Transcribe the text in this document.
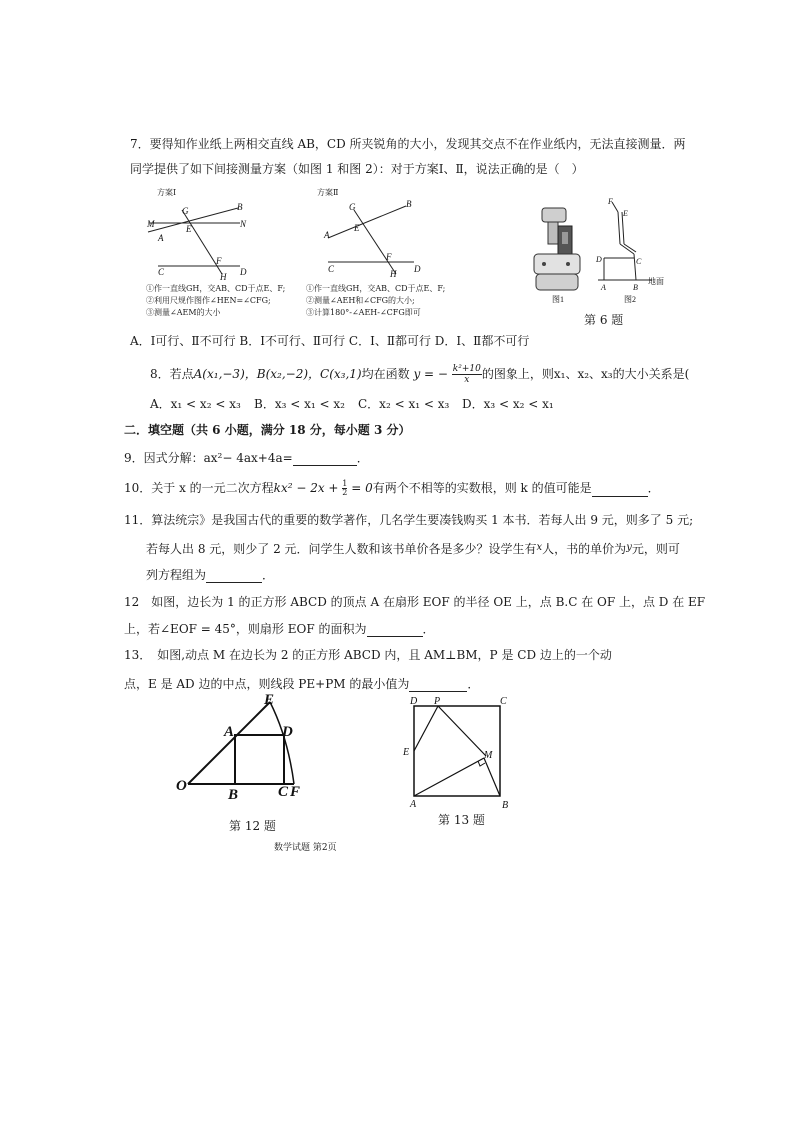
7．要得知作业纸上两相交直线 AB，CD 所夹锐角的大小，发现其交点不在作业纸内，无法直接测量．两
同学提供了如下间接测量方案（如图 1 和图 2）：对于方案Ⅰ、Ⅱ，说法正确的是（　）
方案Ⅰ
G	B
M	N
E
A
C
F
H D
①作一直线GH，交AB、CD于点E、F;
②利用尺规作图作∠HEN=∠CFG;
③测量∠AEM的大小
方案Ⅱ
G	B
E
A
C
F
H D
①作一直线GH，交AB、CD于点E、F;
②测量∠AEH和∠CFG的大小;
③计算180°-∠AEH-∠CFG即可
图1
F
E
D	C
A	B
地面
图2
第 6 题
A．Ⅰ可行、Ⅱ不可行 B．Ⅰ不可行、Ⅱ可行 C．Ⅰ、Ⅱ都可行 D．Ⅰ、Ⅱ都不可行
8．若点A(x₁,−3)，B(x₂,−2)，C(x₃,1)均在函数 y = − $\frac{\text{k²+10}}{x}$ 的图象上，则x₁、x₂、x₃的大小关系是(
A．x₁ < x₂ < x₃ B．x₃ < x₁ < x₂ C．x₂ < x₁ < x₃ D．x₃ < x₂ < x₁
二．填空题（共 6 小题，满分 18 分，每小题 3 分）
9．因式分解：ax²− 4ax+4a=	．
10．关于 x 的一元二次方程$kx^2 - 2x + \frac{1}{2} = 0$有两个不相等的实数根，则 k 的值可能是	．
11．算法统宗》是我国古代的重要的数学著作，几名学生要凑钱购买 1 本书．若每人出 9 元，则多了 5 元;
若每人出 8 元，则少了 2 元．问学生人数和该书单价各是多少？设学生有$^x$人，书的单价为$^y$元，则可
列方程组为	．
12　如图，边长为 1 的正方形 ABCD 的顶点 A 在扇形 EOF 的半径 OE 上，点 B.C 在 OF 上，点 D 在 EF
上，若∠EOF = 45°，则扇形 EOF 的面积为	．
13．　如图,动点 M 在边长为 2 的正方形 ABCD 内，且 AM⊥BM，P 是 CD 边上的一个动
点，E 是 AD 边的中点，则线段 PE+PM 的最小值为	．
E
A	D
O
B	C F
第 12 题
D P	C
E	M
A	B
第 13 题
数学试题 第2页
